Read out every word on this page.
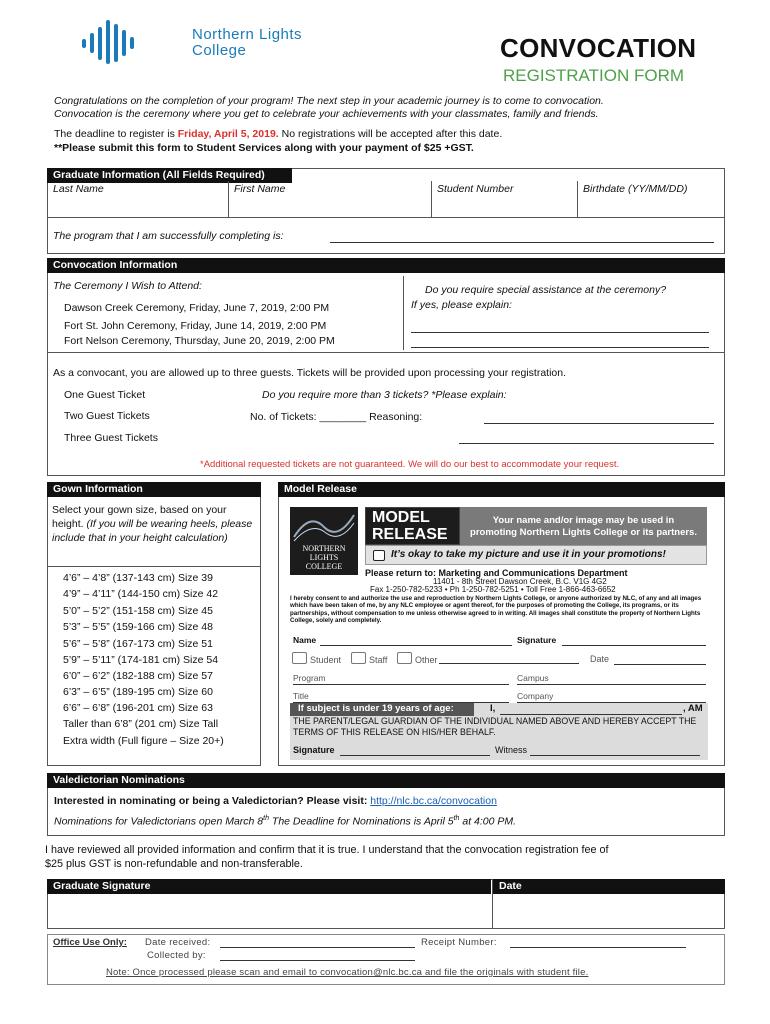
Northern Lights
College	CONVOCATION
REGISTRATION FORM
Congratulations on the completion of your program! The next step in your academic journey is to come to convocation.
Convocation is the ceremony where you get to celebrate your achievements with your classmates, family and friends.
The deadline to register is Friday, April 5, 2019. No registrations will be accepted after this date.
**Please submit this form to Student Services along with your payment of $25 +GST.
Graduate Information (All Fields Required)
Last Name	First Name	Student Number	Birthdate (YY/MM/DD)
The program that I am successfully completing is:
Convocation Information
The Ceremony I Wish to Attend:
Dawson Creek Ceremony, Friday, June 7, 2019, 2:00 PM
Fort St. John Ceremony, Friday, June 14, 2019, 2:00 PM
Fort Nelson Ceremony, Thursday, June 20, 2019, 2:00 PM
Do you require special assistance at the ceremony?
If yes, please explain:
As a convocant, you are allowed up to three guests. Tickets will be provided upon processing your registration.
One Guest Ticket
Two Guest Tickets
Three Guest Tickets
Do you require more than 3 tickets? *Please explain:
No. of Tickets: ________ Reasoning:
*Additional requested tickets are not guaranteed. We will do our best to accommodate your request.
Gown Information
Select your gown size, based on your height. (If you will be wearing heels, please include that in your height calculation)
4’6” – 4’8” (137-143 cm) Size 39
4’9” – 4’11” (144-150 cm) Size 42
5’0” – 5’2” (151-158 cm) Size 45
5’3” – 5’5” (159-166 cm) Size 48
5’6” – 5’8” (167-173 cm) Size 51
5’9” – 5’11” (174-181 cm) Size 54
6’0” – 6’2” (182-188 cm) Size 57
6’3” – 6’5” (189-195 cm) Size 60
6’6” – 6’8” (196-201 cm) Size 63
Taller than 6’8” (201 cm) Size Tall
Extra width (Full figure – Size 20+)
Model Release
NORTHERN
LIGHTS
COLLEGE
MODEL
RELEASE
Your name and/or image may be used in
promoting Northern Lights College or its partners.
It’s okay to take my picture and use it in your promotions!
Please return to: Marketing and Communications Department
11401 - 8th Street Dawson Creek, B.C. V1G 4G2
Fax 1-250-782-5233 • Ph 1-250-782-5251 • Toll Free 1-866-463-6652
I hereby consent to and authorize the use and reproduction by Northern Lights College, or anyone authorized by NLC, of any and all images which have been taken of me, by any NLC employee or agent thereof, for the purposes of promoting the College, its programs, or its partnerships, without compensation to me unless otherwise agreed to in writing. All images shall constitute the property of Northern Lights College, solely and completely.
Name	Signature
Student	Staff	Other	Date
Program	Campus
Title	Company
If subject is under 19 years of age:	I,	, AM
THE PARENT/LEGAL GUARDIAN OF THE INDIVIDUAL NAMED ABOVE AND HEREBY ACCEPT THE
TERMS OF THIS RELEASE ON HIS/HER BEHALF.
Signature	Witness
Valedictorian Nominations
Interested in nominating or being a Valedictorian? Please visit: http://nlc.bc.ca/convocation
Nominations for Valedictorians open March 8th The Deadline for Nominations is April 5th at 4:00 PM.
I have reviewed all provided information and confirm that it is true. I understand that the convocation registration fee of
$25 plus GST is non-refundable and non-transferable.
Graduate Signature	Date
Office Use Only: Date received:	Receipt Number:
Collected by:
Note: Once processed please scan and email to convocation@nlc.bc.ca and file the originals with student file.
